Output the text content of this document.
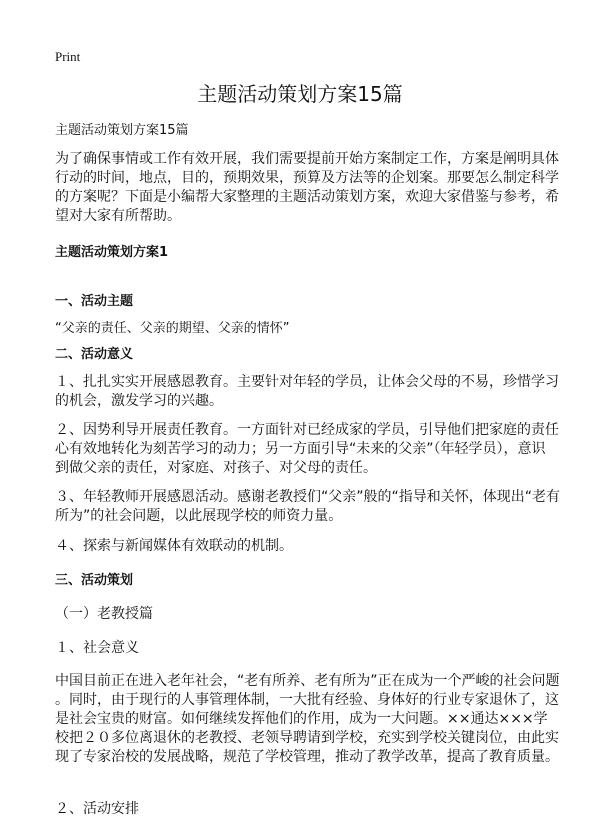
Print
主题活动策划方案15篇
主题活动策划方案15篇
为了确保事情或工作有效开展，我们需要提前开始方案制定工作，方案是阐明具体
行动的时间，地点，目的，预期效果，预算及方法等的企划案。那要怎么制定科学
的方案呢？下面是小编帮大家整理的主题活动策划方案，欢迎大家借鉴与参考，希
望对大家有所帮助。
主题活动策划方案1
一、活动主题
“父亲的责任、父亲的期望、父亲的情怀”
二、活动意义
１、扎扎实实开展感恩教育。主要针对年轻的学员，让体会父母的不易，珍惜学习
的机会，激发学习的兴趣。
２、因势利导开展责任教育。一方面针对已经成家的学员，引导他们把家庭的责任
心有效地转化为刻苦学习的动力；另一方面引导“未来的父亲”（年轻学员），意识
到做父亲的责任，对家庭、对孩子、对父母的责任。
３、年轻教师开展感恩活动。感谢老教授们“父亲”般的“指导和关怀，体现出“老有
所为”的社会问题，以此展现学校的师资力量。
４、探索与新闻媒体有效联动的机制。
三、活动策划
（一）老教授篇
１、社会意义
中国目前正在进入老年社会，“老有所养、老有所为”正在成为一个严峻的社会问题
。同时，由于现行的人事管理体制，一大批有经验、身体好的行业专家退休了，这
是社会宝贵的财富。如何继续发挥他们的作用，成为一大问题。××通达×××学
校把２０多位离退休的老教授、老领导聘请到学校，充实到学校关键岗位，由此实
现了专家治校的发展战略，规范了学校管理，推动了教学改革，提高了教育质量。
２、活动安排
